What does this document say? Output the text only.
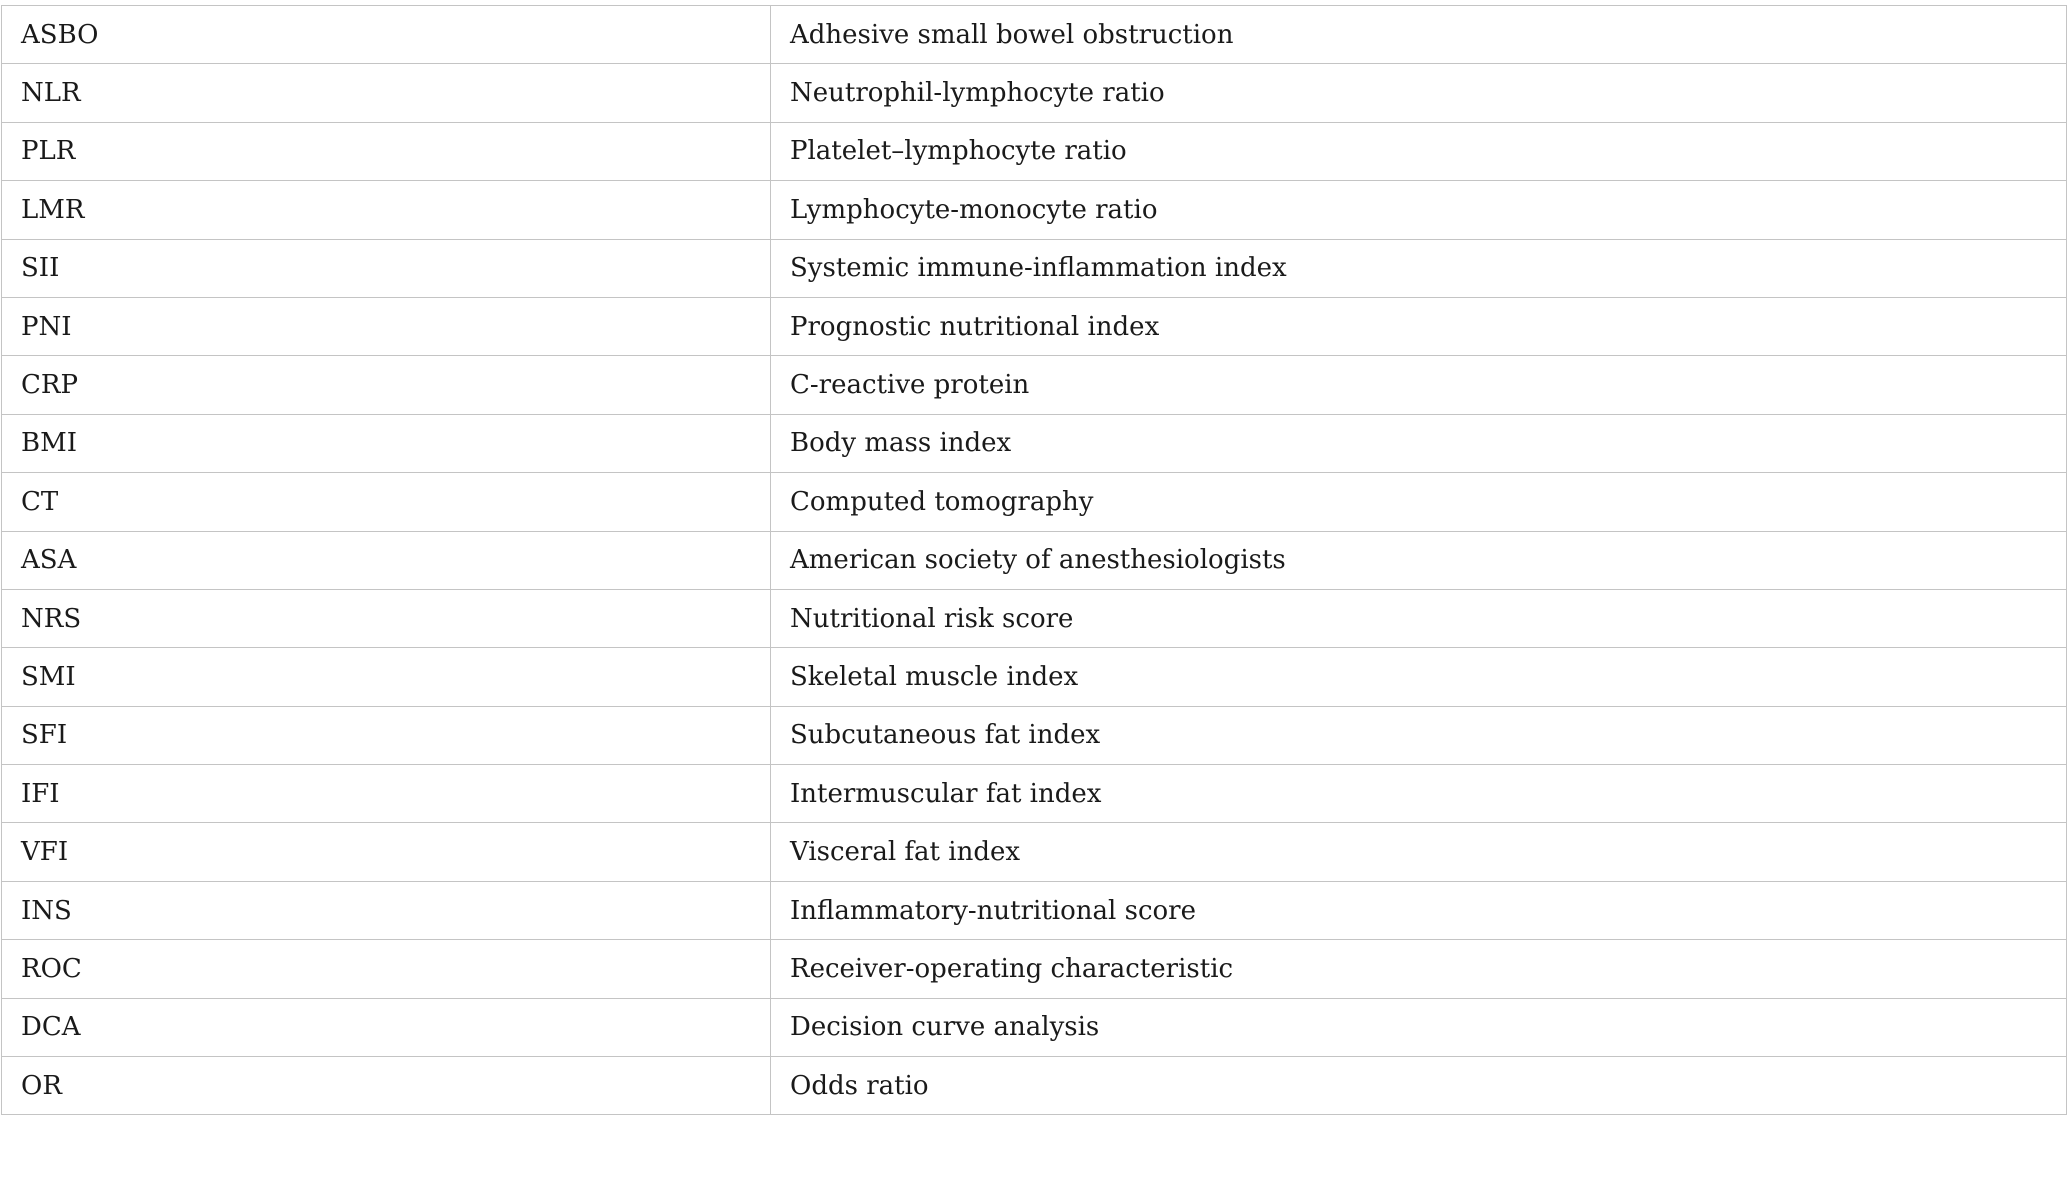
ASBO	Adhesive small bowel obstruction
NLR	Neutrophil-lymphocyte ratio
PLR	Platelet–lymphocyte ratio
LMR	Lymphocyte-monocyte ratio
SII	Systemic immune-inflammation index
PNI	Prognostic nutritional index
CRP	C-reactive protein
BMI	Body mass index
CT	Computed tomography
ASA	American society of anesthesiologists
NRS	Nutritional risk score
SMI	Skeletal muscle index
SFI	Subcutaneous fat index
IFI	Intermuscular fat index
VFI	Visceral fat index
INS	Inflammatory-nutritional score
ROC	Receiver-operating characteristic
DCA	Decision curve analysis
OR	Odds ratio
